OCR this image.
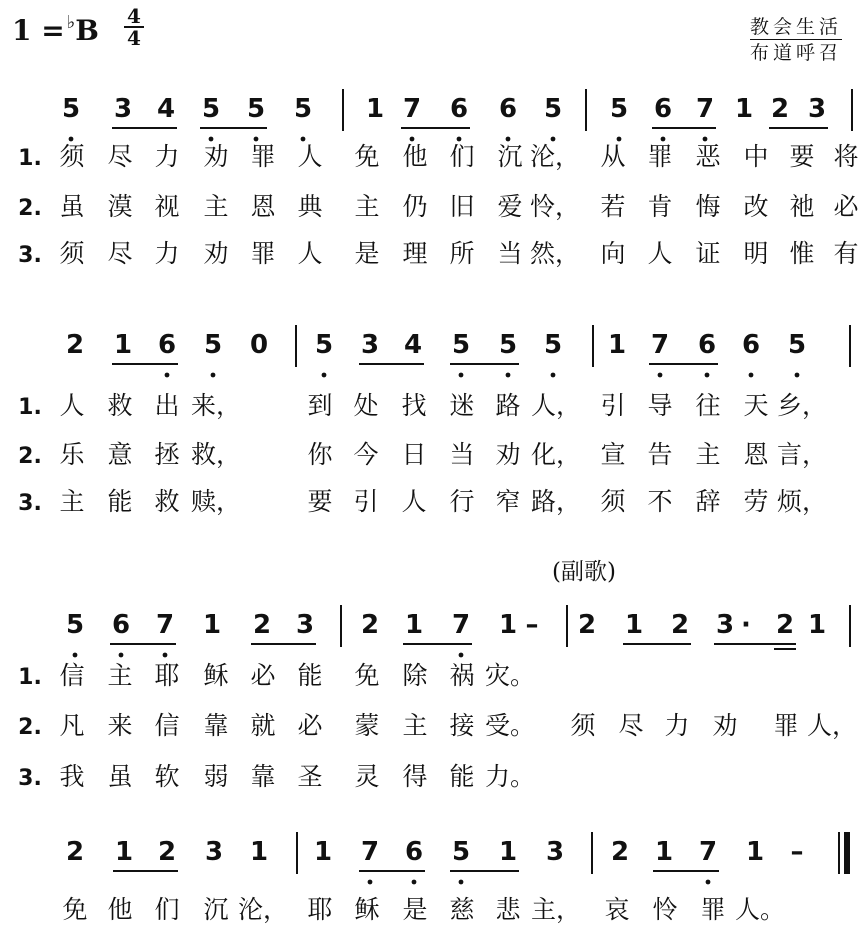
1 = ♭B 4
4	教会生活
布道呼召
(副歌)
5 3 4 5 5 5 1 7 6 6 5 5 6 7 1 2 3
1. 须 尽 力 劝 罪 人 免 他 们 沉 沦， 从 罪 恶 中 要 将
2. 虽 漠 视 主 恩 典 主 仍 旧 爱 怜， 若 肯 悔 改 祂 必
3. 须 尽 力 劝 罪 人 是 理 所 当 然， 向 人 证 明 惟 有
2 1 6 5 0 5 3 4 5 5 5 1 7 6 6 5
1. 人 救 出 来，	到 处 找 迷 路 人， 引 导 往 天 乡，
2. 乐 意 拯 救，	你 今 日 当 劝 化， 宣 告 主 恩 言，
3. 主 能 救 赎，	要 引 人 行 窄 路， 须 不 辞 劳 烦，
5 6 7 1 2 3 2 1 7 1 – 2 1 2 3 · 2 1
1. 信 主 耶 稣 必 能 免 除 祸 灾。
2. 凡 来 信 靠 就 必 蒙 主 接 受。 须 尽 力 劝 罪 人，
3. 我 虽 软 弱 靠 圣 灵 得 能 力。
2 1 2 3 1 1 7 6 5 1 3 2 1 7 1 –
免 他 们 沉 沦， 耶 稣 是 慈 悲 主， 哀 怜 罪 人。
